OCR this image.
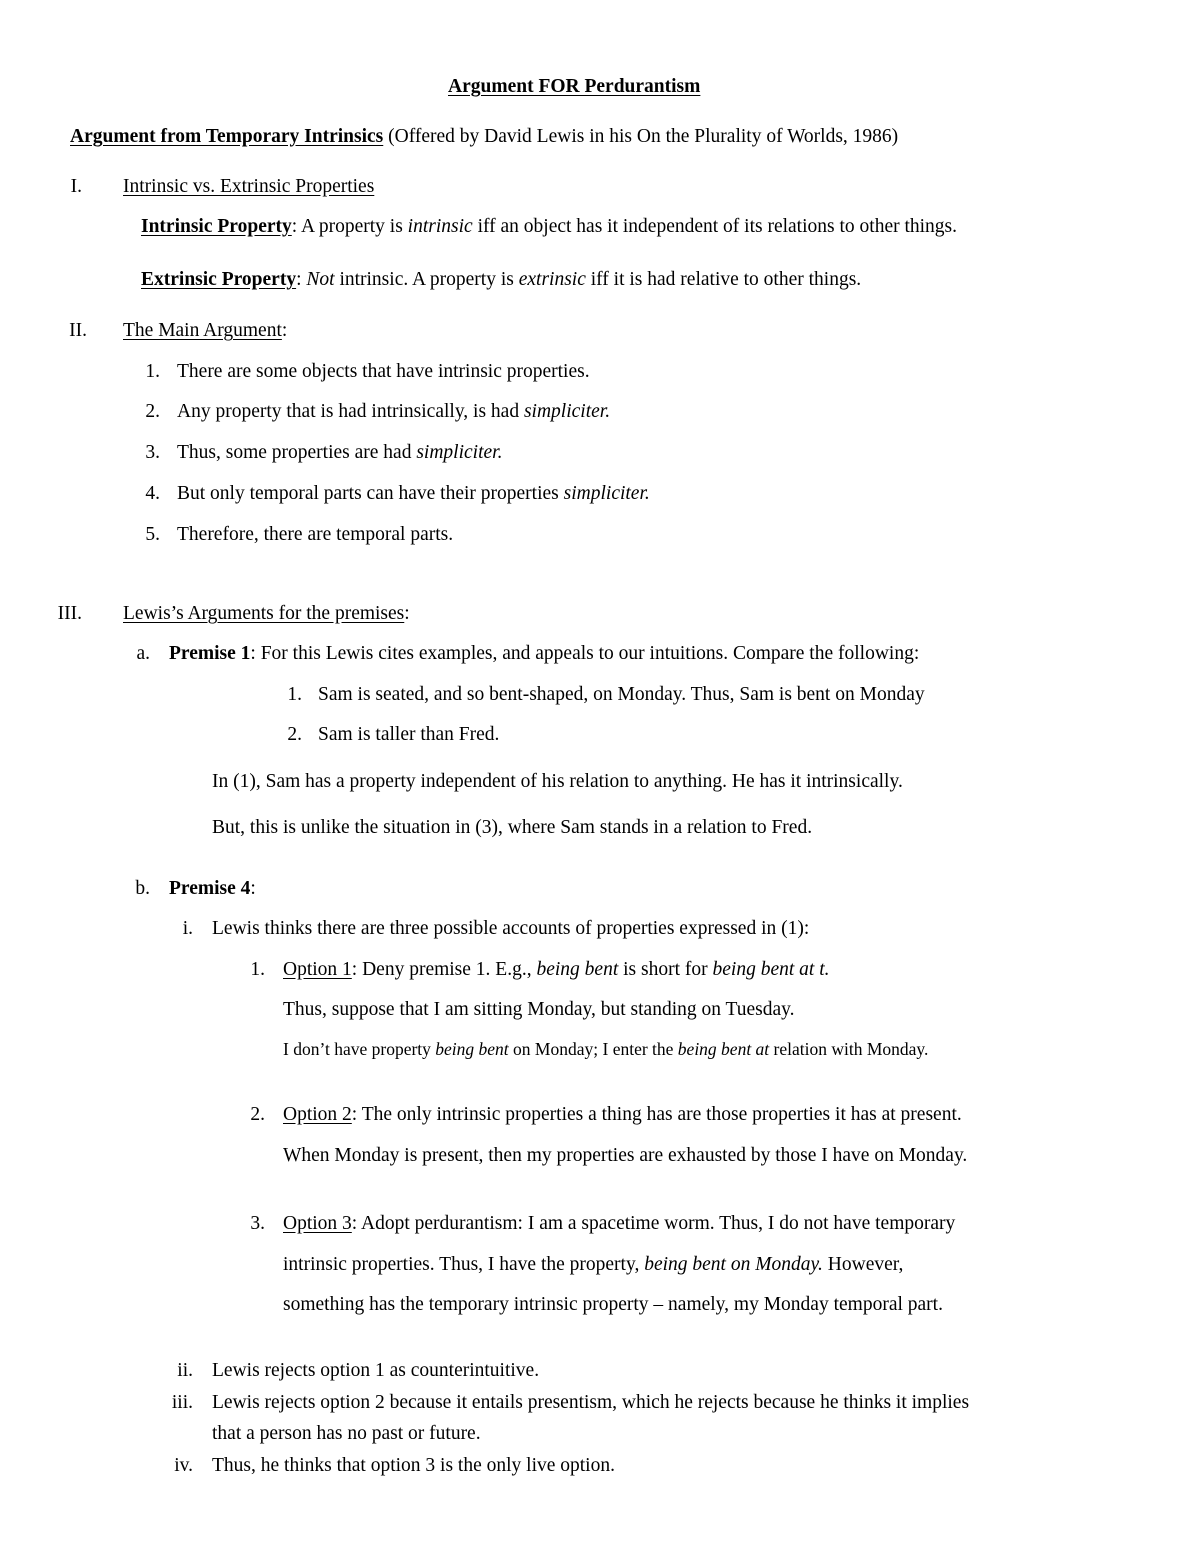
Argument FOR Perdurantism
Argument from Temporary Intrinsics (Offered by David Lewis in his On the Plurality of Worlds, 1986)
I. Intrinsic vs. Extrinsic Properties
Intrinsic Property: A property is intrinsic iff an object has it independent of its relations to other things.
Extrinsic Property: Not intrinsic. A property is extrinsic iff it is had relative to other things.
II. The Main Argument:
1. There are some objects that have intrinsic properties.
2. Any property that is had intrinsically, is had simpliciter.
3. Thus, some properties are had simpliciter.
4. But only temporal parts can have their properties simpliciter.
5. Therefore, there are temporal parts.
III. Lewis’s Arguments for the premises:
a. Premise 1: For this Lewis cites examples, and appeals to our intuitions. Compare the following:
1. Sam is seated, and so bent-shaped, on Monday. Thus, Sam is bent on Monday
2. Sam is taller than Fred.
In (1), Sam has a property independent of his relation to anything. He has it intrinsically.
But, this is unlike the situation in (3), where Sam stands in a relation to Fred.
b. Premise 4:
i. Lewis thinks there are three possible accounts of properties expressed in (1):
1. Option 1: Deny premise 1. E.g., being bent is short for being bent at t.
Thus, suppose that I am sitting Monday, but standing on Tuesday.
I don’t have property being bent on Monday; I enter the being bent at relation with Monday.
2. Option 2: The only intrinsic properties a thing has are those properties it has at present.
When Monday is present, then my properties are exhausted by those I have on Monday.
3. Option 3: Adopt perdurantism: I am a spacetime worm. Thus, I do not have temporary
intrinsic properties. Thus, I have the property, being bent on Monday. However,
something has the temporary intrinsic property – namely, my Monday temporal part.
ii. Lewis rejects option 1 as counterintuitive.
iii. Lewis rejects option 2 because it entails presentism, which he rejects because he thinks it implies
that a person has no past or future.
iv. Thus, he thinks that option 3 is the only live option.
